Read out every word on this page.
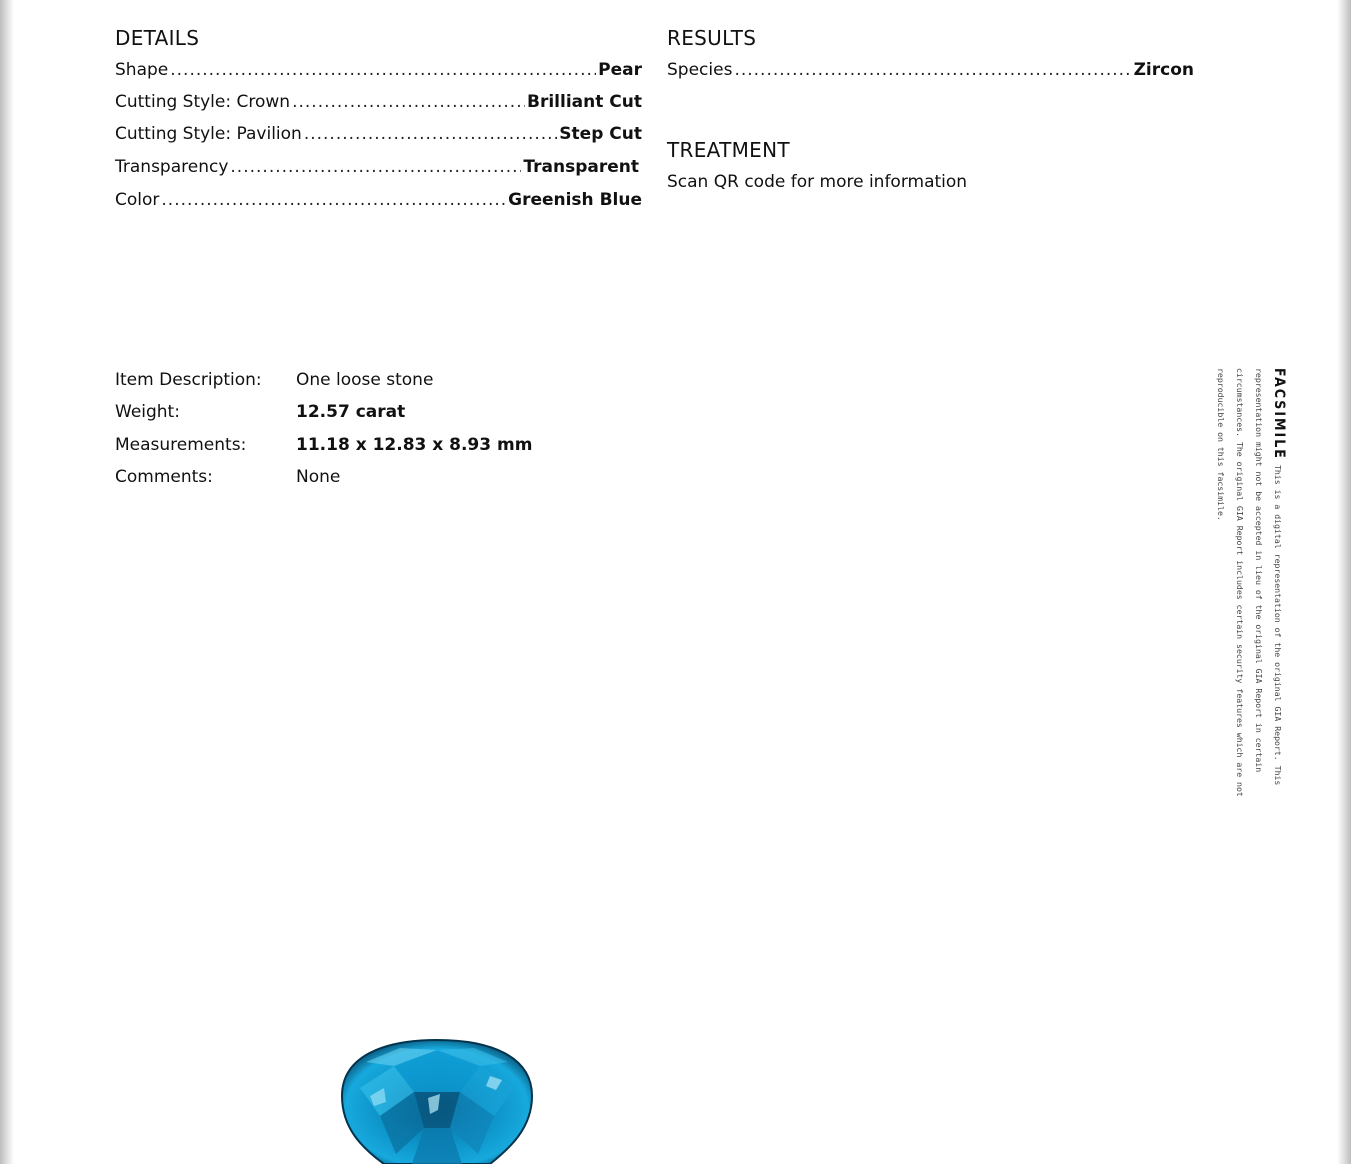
DETAILS
Shape .....	Pear
Cutting Style: Crown .....	Brilliant Cut
Cutting Style: Pavilion .....	Step Cut
Transparency .....	Transparent
Color .....	Greenish Blue
RESULTS
Species .....	Zircon
TREATMENT
Scan QR code for more information
Item Description: One loose stone
Weight:	12.57 carat
Measurements:	11.18 x 12.83 x 8.93 mm
Comments:	None
FACSIMILE This is a digital representation of the original GIA Report. This representation might not be accepted in lieu of the original GIA Report in certain circumstances. The original GIA Report includes certain security features which are not reproducible on this facsimile.
